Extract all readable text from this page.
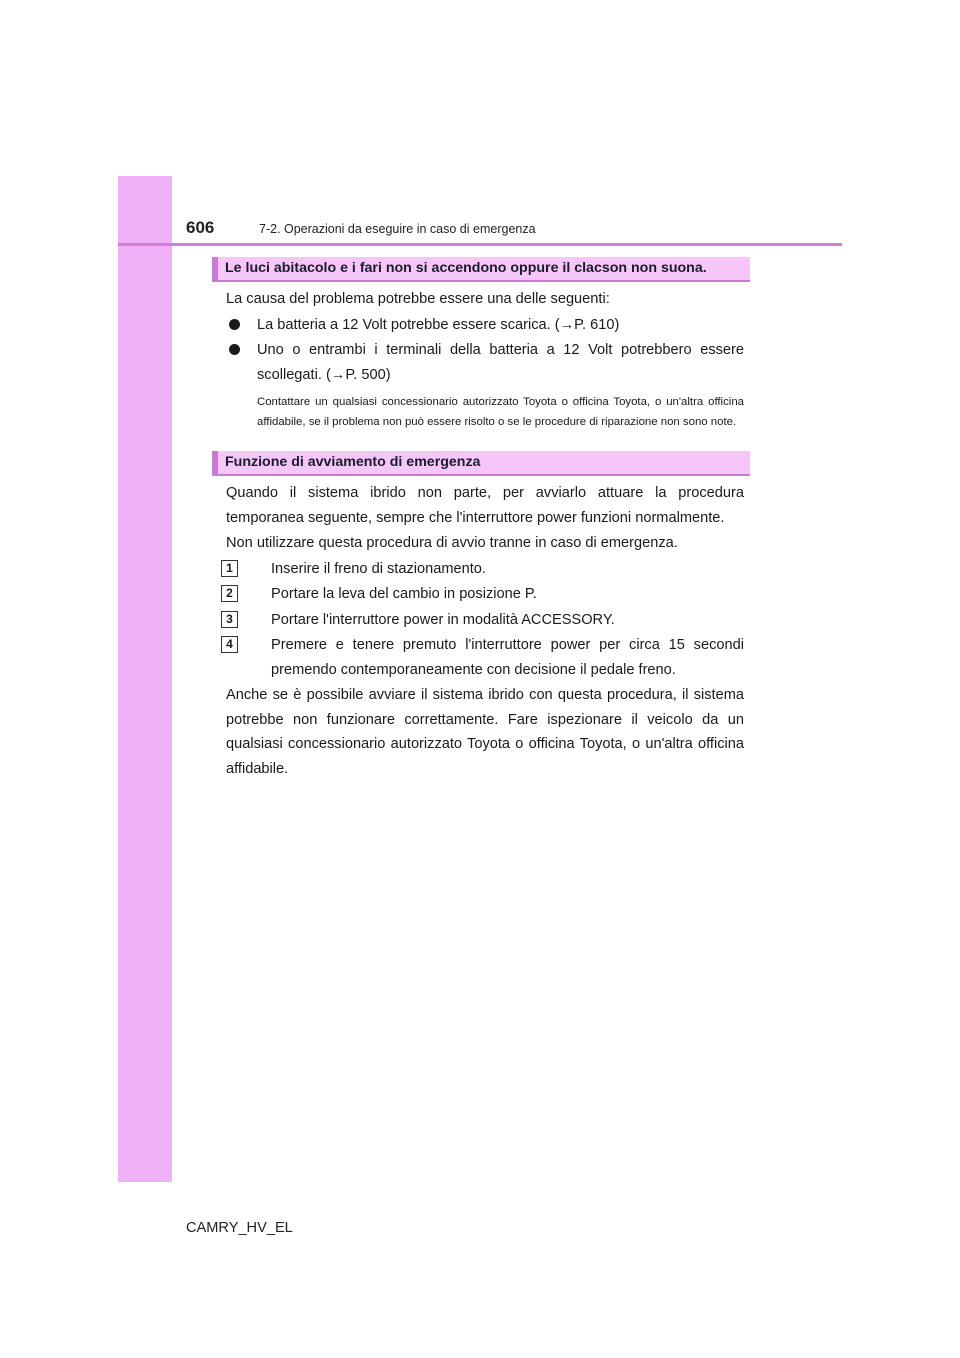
606	7-2. Operazioni da eseguire in caso di emergenza
Le luci abitacolo e i fari non si accendono oppure il clacson non suona.

La causa del problema potrebbe essere una delle seguenti:

La batteria a 12 Volt potrebbe essere scarica. (→P. 610)

Uno o entrambi i terminali della batteria a 12 Volt potrebbero essere scollegati. (→P. 500)

Contattare un qualsiasi concessionario autorizzato Toyota o officina Toyota, o un'altra officina affidabile, se il problema non può essere risolto o se le procedure di riparazione non sono note.

Funzione di avviamento di emergenza

Quando il sistema ibrido non parte, per avviarlo attuare la procedura temporanea seguente, sempre che l'interruttore power funzioni normalmente.

Non utilizzare questa procedura di avvio tranne in caso di emergenza.

1	Inserire il freno di stazionamento.

2	Portare la leva del cambio in posizione P.

3	Portare l'interruttore power in modalità ACCESSORY.

4	Premere e tenere premuto l'interruttore power per circa 15 secondi premendo contemporaneamente con decisione il pedale freno.

Anche se è possibile avviare il sistema ibrido con questa procedura, il sistema potrebbe non funzionare correttamente. Fare ispezionare il veicolo da un qualsiasi concessionario autorizzato Toyota o officina Toyota, o un'altra officina affidabile.

CAMRY_HV_EL
